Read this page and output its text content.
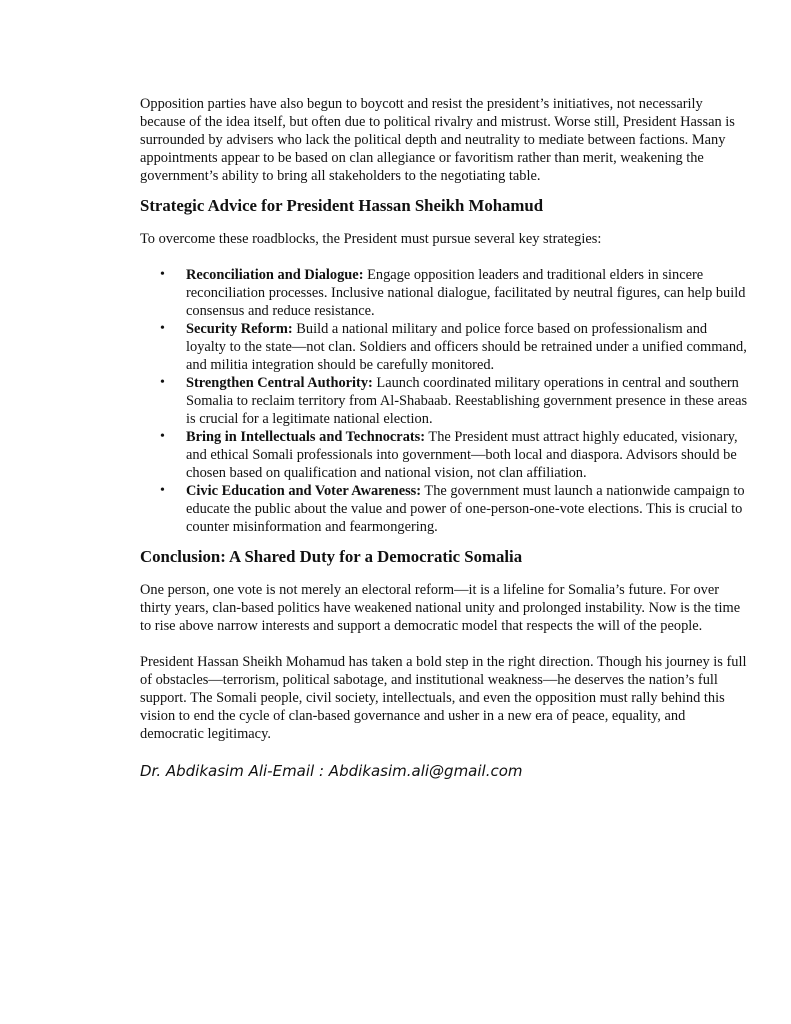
Opposition parties have also begun to boycott and resist the president’s initiatives, not necessarily because of the idea itself, but often due to political rivalry and mistrust. Worse still, President Hassan is surrounded by advisers who lack the political depth and neutrality to mediate between factions. Many appointments appear to be based on clan allegiance or favoritism rather than merit, weakening the government’s ability to bring all stakeholders to the negotiating table.

Strategic Advice for President Hassan Sheikh Mohamud

To overcome these roadblocks, the President must pursue several key strategies:

• Reconciliation and Dialogue: Engage opposition leaders and traditional elders in sincere reconciliation processes. Inclusive national dialogue, facilitated by neutral figures, can help build consensus and reduce resistance.
• Security Reform: Build a national military and police force based on professionalism and loyalty to the state—not clan. Soldiers and officers should be retrained under a unified command, and militia integration should be carefully monitored.
• Strengthen Central Authority: Launch coordinated military operations in central and southern Somalia to reclaim territory from Al-Shabaab. Reestablishing government presence in these areas is crucial for a legitimate national election.
• Bring in Intellectuals and Technocrats: The President must attract highly educated, visionary, and ethical Somali professionals into government—both local and diaspora. Advisors should be chosen based on qualification and national vision, not clan affiliation.
• Civic Education and Voter Awareness: The government must launch a nationwide campaign to educate the public about the value and power of one-person-one-vote elections. This is crucial to counter misinformation and fearmongering.
Conclusion: A Shared Duty for a Democratic Somalia

One person, one vote is not merely an electoral reform—it is a lifeline for Somalia’s future. For over thirty years, clan-based politics have weakened national unity and prolonged instability. Now is the time to rise above narrow interests and support a democratic model that respects the will of the people.

President Hassan Sheikh Mohamud has taken a bold step in the right direction. Though his journey is full of obstacles—terrorism, political sabotage, and institutional weakness—he deserves the nation’s full support. The Somali people, civil society, intellectuals, and even the opposition must rally behind this vision to end the cycle of clan-based governance and usher in a new era of peace, equality, and democratic legitimacy.

Dr. Abdikasim Ali-Email : Abdikasim.ali@gmail.com
